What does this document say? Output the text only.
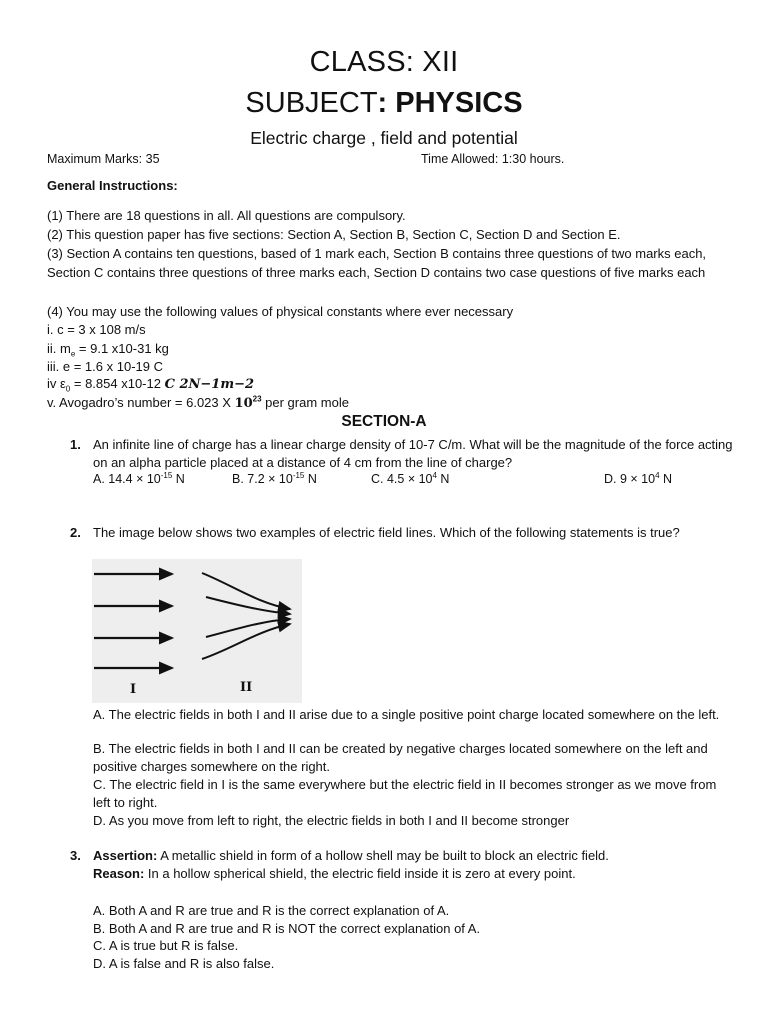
CLASS: XII
SUBJECT: PHYSICS
Electric charge , field and potential
Maximum Marks: 35	Time Allowed: 1:30 hours.
General Instructions:
(1) There are 18 questions in all. All questions are compulsory.
(2) This question paper has five sections: Section A, Section B, Section C, Section D and Section E.
(3) Section A contains ten questions, based of 1 mark each, Section B contains three questions of two marks each, Section C contains three questions of three marks each, Section D contains two case questions of five marks each
(4) You may use the following values of physical constants where ever necessary
i. c = 3 x 108 m/s
ii. $m_e = 9.1$ x10-31 kg
iii. e = 1.6 x 10-19 C
iv $\varepsilon_0 = 8.854$ x10-12 C 2N−1m−2
v. Avogadro’s number = 6.023 X $10^{23}$ per gram mole
SECTION-A
1. An infinite line of charge has a linear charge density of 10-7 C/m. What will be the magnitude of the force acting on an alpha particle placed at a distance of 4 cm from the line of charge?
A. $14.4 \times 10^{-15}$ N	B. $7.2 \times 10^{-15}$ N	C. $4.5 \times 10^4$ N	D. $9 \times 10^4$ N
2. The image below shows two examples of electric field lines. Which of the following statements is true?
I	II
A. The electric fields in both I and II arise due to a single positive point charge located somewhere on the left.
B. The electric fields in both I and II can be created by negative charges located somewhere on the left and positive charges somewhere on the right.
C. The electric field in I is the same everywhere but the electric field in II becomes stronger as we move from left to right.
D. As you move from left to right, the electric fields in both I and II become stronger
3. Assertion: A metallic shield in form of a hollow shell may be built to block an electric field.
Reason: In a hollow spherical shield, the electric field inside it is zero at every point.
A. Both A and R are true and R is the correct explanation of A.
B. Both A and R are true and R is NOT the correct explanation of A.
C. A is true but R is false.
D. A is false and R is also false.
